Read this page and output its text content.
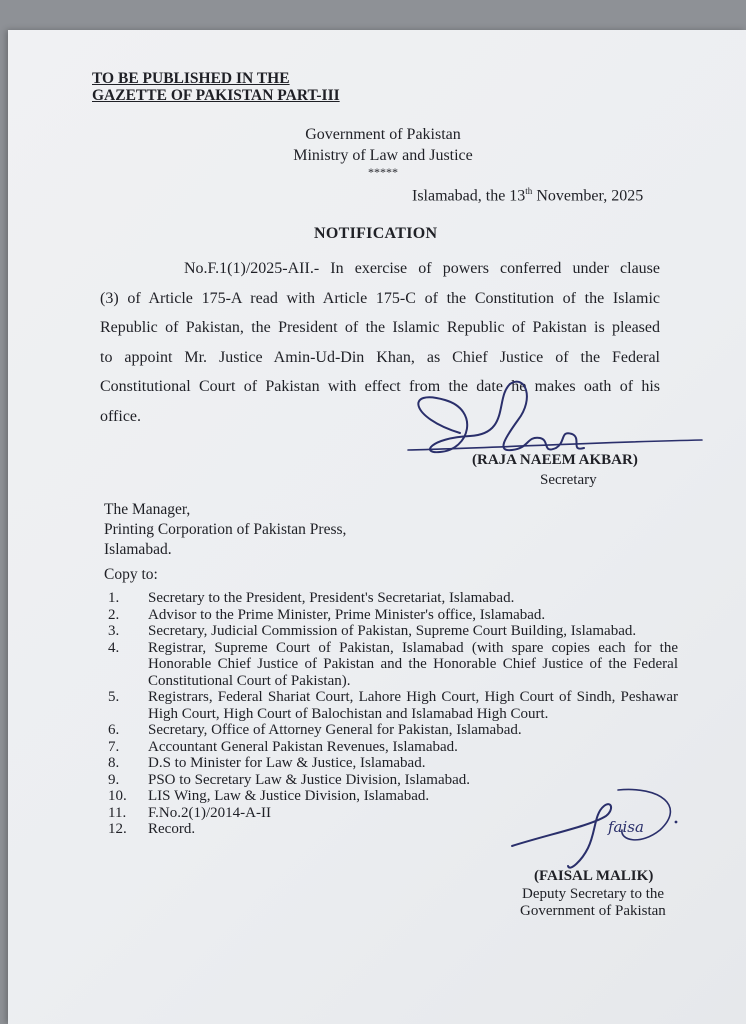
TO BE PUBLISHED IN THE
GAZETTE OF PAKISTAN PART-III
Government of Pakistan
Ministry of Law and Justice
*****
Islamabad, the 13th November, 2025
NOTIFICATION
No.F.1(1)/2025-AII.- In exercise of powers conferred under clause
(3) of Article 175-A read with Article 175-C of the Constitution of the Islamic
Republic of Pakistan, the President of the Islamic Republic of Pakistan is pleased
to appoint Mr. Justice Amin-Ud-Din Khan, as Chief Justice of the Federal
Constitutional Court of Pakistan with effect from the date he makes oath of his
office.
(RAJA NAEEM AKBAR)
Secretary
The Manager,
Printing Corporation of Pakistan Press,
Islamabad.
Copy to:
1.	Secretary to the President, President's Secretariat, Islamabad.
2.	Advisor to the Prime Minister, Prime Minister's office, Islamabad.
3.	Secretary, Judicial Commission of Pakistan, Supreme Court Building, Islamabad.
4.	Registrar, Supreme Court of Pakistan, Islamabad (with spare copies each for the Honorable Chief Justice of Pakistan and the Honorable Chief Justice of the Federal Constitutional Court of Pakistan).
5.	Registrars, Federal Shariat Court, Lahore High Court, High Court of Sindh, Peshawar High Court, High Court of Balochistan and Islamabad High Court.
6.	Secretary, Office of Attorney General for Pakistan, Islamabad.
7.	Accountant General Pakistan Revenues, Islamabad.
8.	D.S to Minister for Law & Justice, Islamabad.
9.	PSO to Secretary Law & Justice Division, Islamabad.
10.	LIS Wing, Law & Justice Division, Islamabad.
11.	F.No.2(1)/2014-A-II
12.	Record.	faisa
(FAISAL MALIK)
Deputy Secretary to the
Government of Pakistan
